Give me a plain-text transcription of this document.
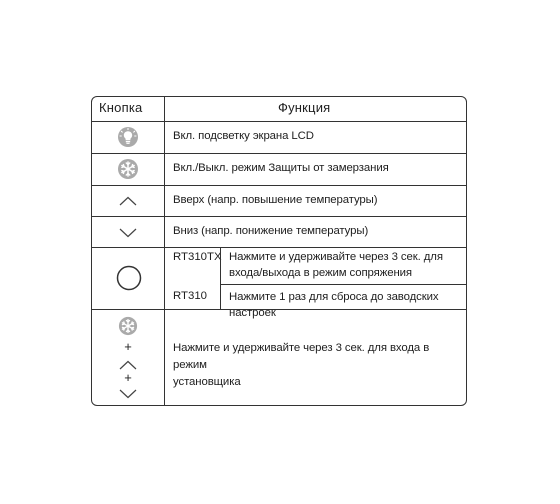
Кнопка	Функция
Вкл. подсветку экрана LCD
Вкл./Выкл. режим Защиты от замерзания
Вверх (напр. повышение температуры)
Вниз (напр. понижение температуры)
RT310TX Нажмите и удерживайте через 3 сек. для
входа/выхода в режим сопряжения
RT310 Нажмите 1 раз для сброса до заводских настроек
+
+
Нажмите и удерживайте через 3 сек. для входа в режим
установщика
